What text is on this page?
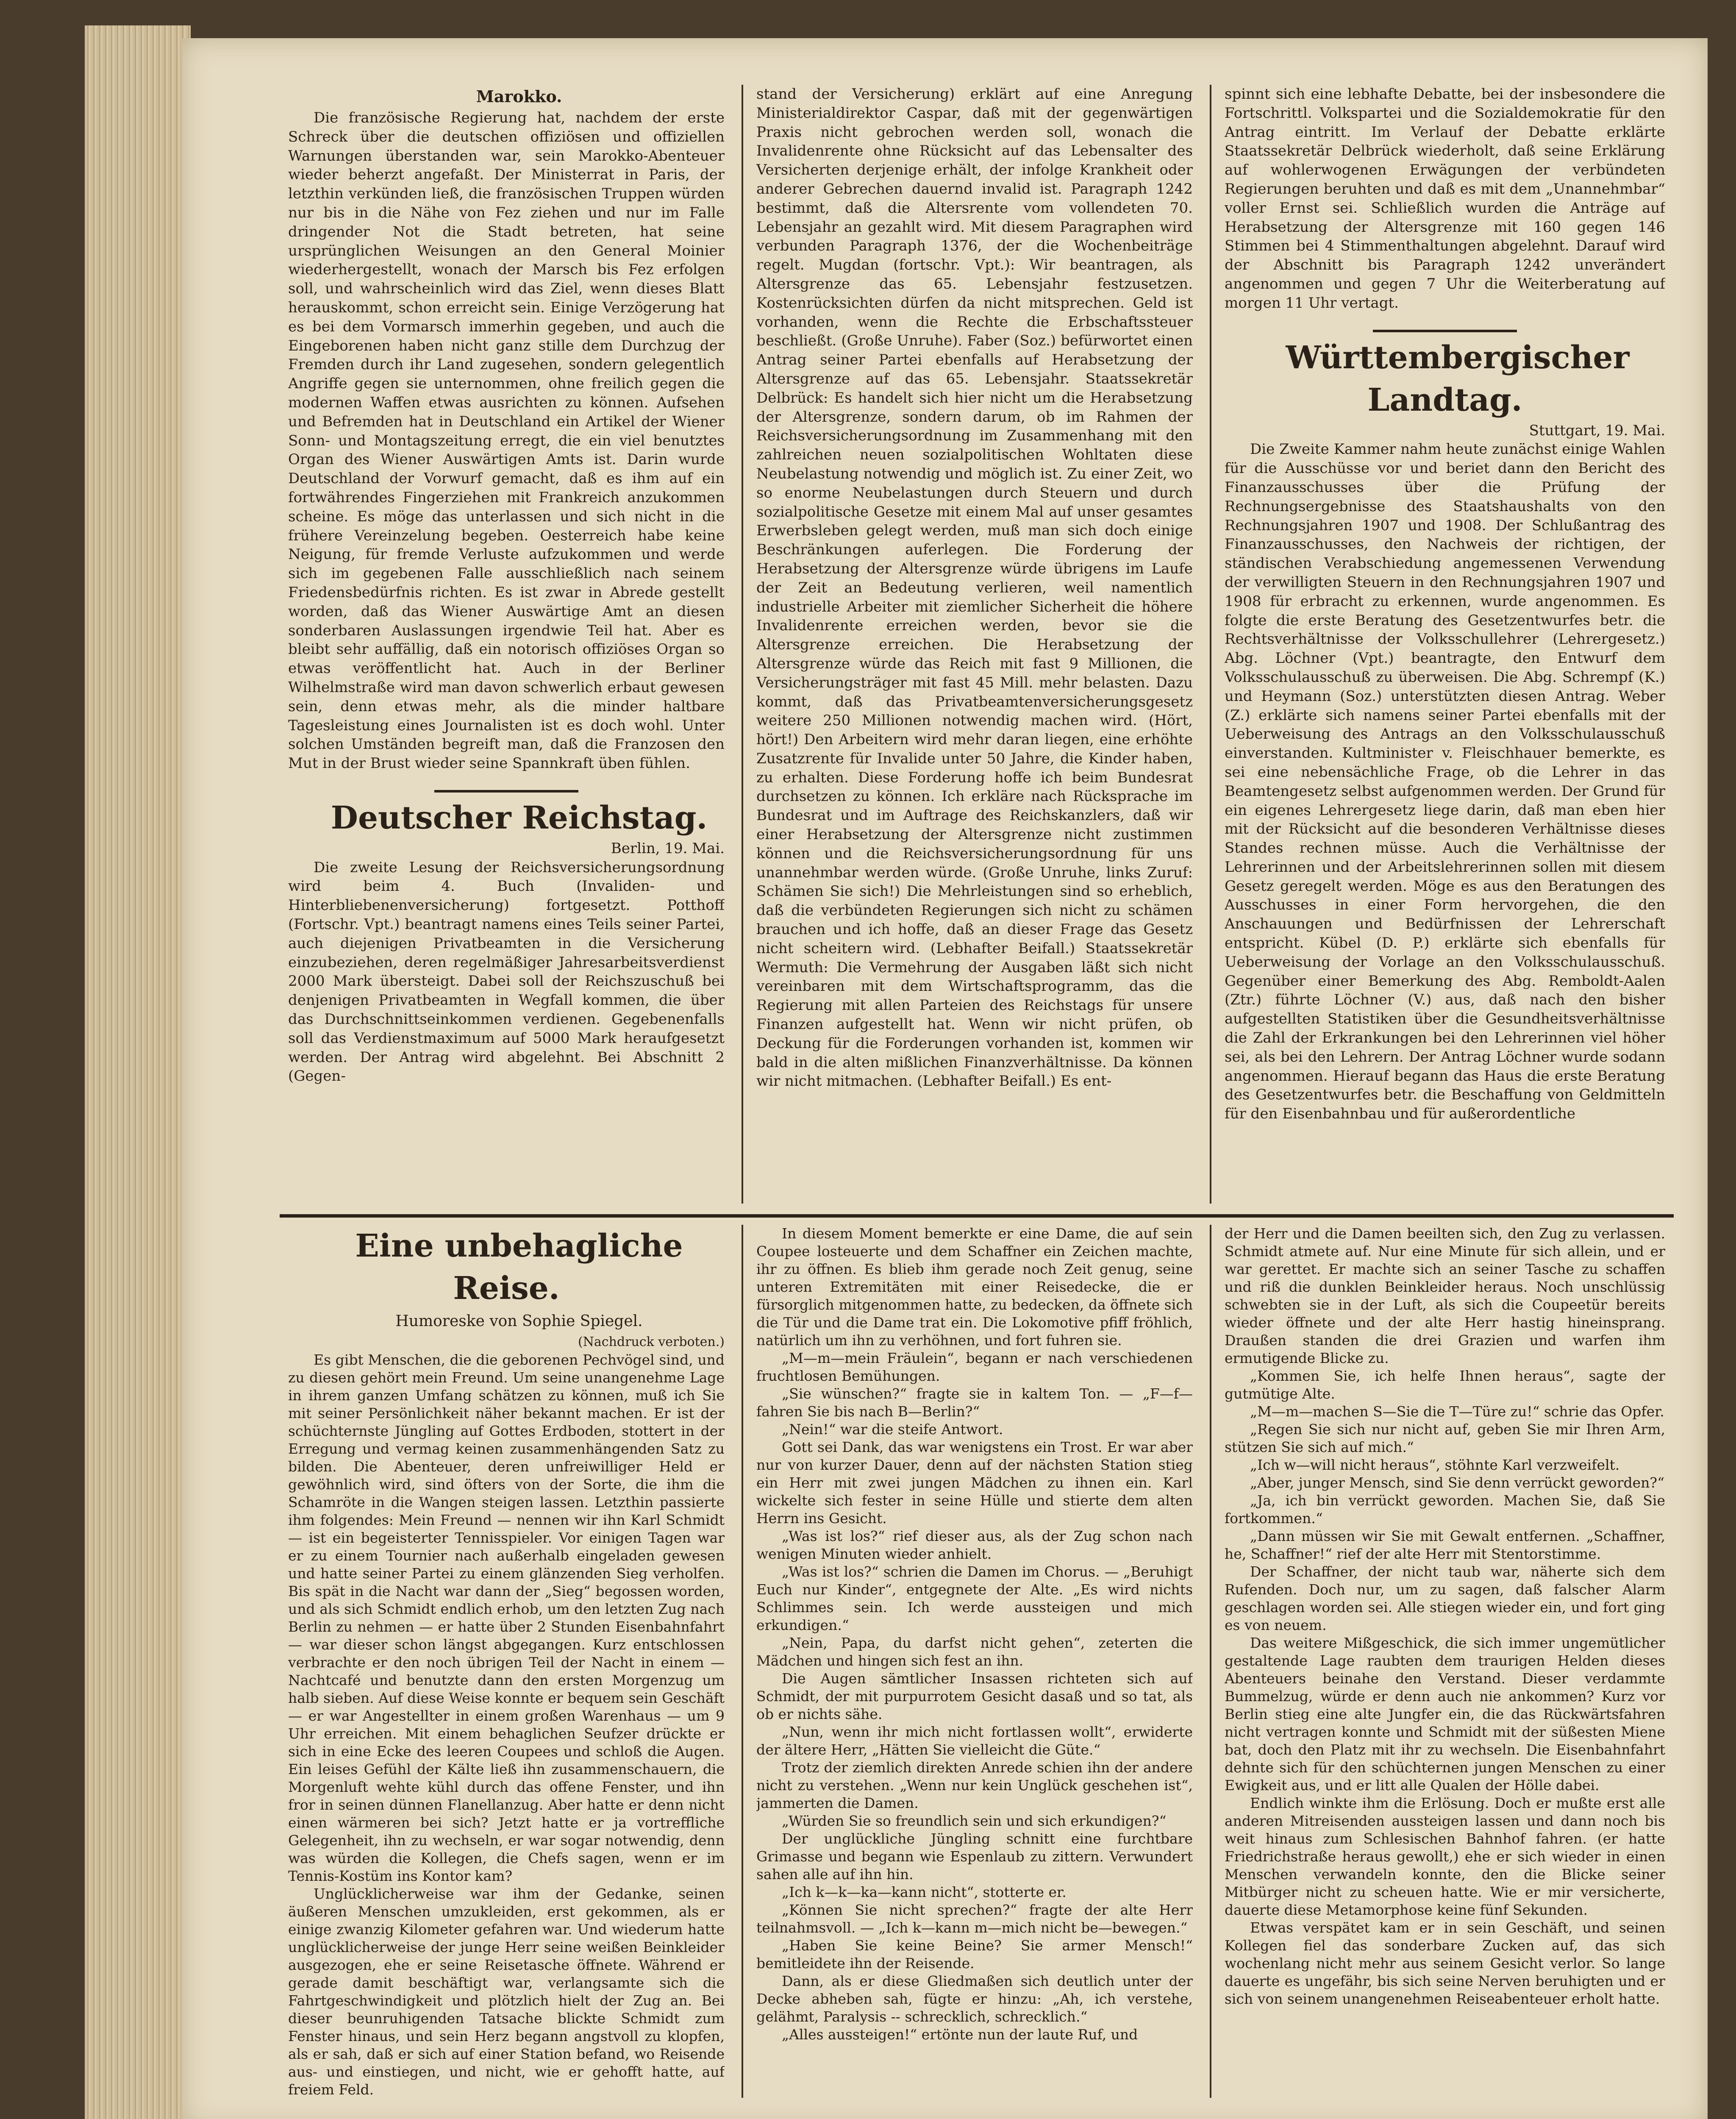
Marokko.

Die französische Regierung hat, nachdem der erste Schreck über die deutschen offiziösen und offiziellen Warnungen überstanden war, sein Marokko-Abenteuer wieder beherzt angefaßt. Der Ministerrat in Paris, der letzthin verkünden ließ, die französischen Truppen würden nur bis in die Nähe von Fez ziehen und nur im Falle dringender Not die Stadt betreten, hat seine ursprünglichen Weisungen an den General Moinier wiederhergestellt, wonach der Marsch bis Fez erfolgen soll, und wahrscheinlich wird das Ziel, wenn dieses Blatt herauskommt, schon erreicht sein. Einige Verzögerung hat es bei dem Vormarsch immerhin gegeben, und auch die Eingeborenen haben nicht ganz stille dem Durchzug der Fremden durch ihr Land zugesehen, sondern gelegentlich Angriffe gegen sie unternommen, ohne freilich gegen die modernen Waffen etwas ausrichten zu können. Aufsehen und Befremden hat in Deutschland ein Artikel der Wiener Sonn- und Montagszeitung erregt, die ein viel benutztes Organ des Wiener Auswärtigen Amts ist. Darin wurde Deutschland der Vorwurf gemacht, daß es ihm auf ein fortwährendes Fingerziehen mit Frankreich anzukommen scheine. Es möge das unterlassen und sich nicht in die frühere Vereinzelung begeben. Oesterreich habe keine Neigung, für fremde Verluste aufzukommen und werde sich im gegebenen Falle ausschließlich nach seinem Friedensbedürfnis richten. Es ist zwar in Abrede gestellt worden, daß das Wiener Auswärtige Amt an diesen sonderbaren Auslassungen irgendwie Teil hat. Aber es bleibt sehr auffällig, daß ein notorisch offiziöses Organ so etwas veröffentlicht hat. Auch in der Berliner Wilhelmstraße wird man davon schwerlich erbaut gewesen sein, denn etwas mehr, als die minder haltbare Tagesleistung eines Journalisten ist es doch wohl. Unter solchen Umständen begreift man, daß die Franzosen den Mut in der Brust wieder seine Spannkraft üben fühlen.

Deutscher Reichstag.

Berlin, 19. Mai.

Die zweite Lesung der Reichsversicherungsordnung wird beim 4. Buch (Invaliden- und Hinterbliebenenversicherung) fortgesetzt. Potthoff (Fortschr. Vpt.) beantragt namens eines Teils seiner Partei, auch diejenigen Privatbeamten in die Versicherung einzubeziehen, deren regelmäßiger Jahresarbeitsverdienst 2000 Mark übersteigt. Dabei soll der Reichszuschuß bei denjenigen Privatbeamten in Wegfall kommen, die über das Durchschnittseinkommen verdienen. Gegebenenfalls soll das Verdienstmaximum auf 5000 Mark heraufgesetzt werden. Der Antrag wird abgelehnt. Bei Abschnitt 2 (Gegen-

stand der Versicherung) erklärt auf eine Anregung Ministerialdirektor Caspar, daß mit der gegenwärtigen Praxis nicht gebrochen werden soll, wonach die Invalidenrente ohne Rücksicht auf das Lebensalter des Versicherten derjenige erhält, der infolge Krankheit oder anderer Gebrechen dauernd invalid ist. Paragraph 1242 bestimmt, daß die Altersrente vom vollendeten 70. Lebensjahr an gezahlt wird. Mit diesem Paragraphen wird verbunden Paragraph 1376, der die Wochenbeiträge regelt. Mugdan (fortschr. Vpt.): Wir beantragen, als Altersgrenze das 65. Lebensjahr festzusetzen. Kostenrücksichten dürfen da nicht mitsprechen. Geld ist vorhanden, wenn die Rechte die Erbschaftssteuer beschließt. (Große Unruhe). Faber (Soz.) befürwortet einen Antrag seiner Partei ebenfalls auf Herabsetzung der Altersgrenze auf das 65. Lebensjahr. Staatssekretär Delbrück: Es handelt sich hier nicht um die Herabsetzung der Altersgrenze, sondern darum, ob im Rahmen der Reichsversicherungsordnung im Zusammenhang mit den zahlreichen neuen sozialpolitischen Wohltaten diese Neubelastung notwendig und möglich ist. Zu einer Zeit, wo so enorme Neubelastungen durch Steuern und durch sozialpolitische Gesetze mit einem Mal auf unser gesamtes Erwerbsleben gelegt werden, muß man sich doch einige Beschränkungen auferlegen. Die Forderung der Herabsetzung der Altersgrenze würde übrigens im Laufe der Zeit an Bedeutung verlieren, weil namentlich industrielle Arbeiter mit ziemlicher Sicherheit die höhere Invalidenrente erreichen werden, bevor sie die Altersgrenze erreichen. Die Herabsetzung der Altersgrenze würde das Reich mit fast 9 Millionen, die Versicherungsträger mit fast 45 Mill. mehr belasten. Dazu kommt, daß das Privatbeamtenversicherungsgesetz weitere 250 Millionen notwendig machen wird. (Hört, hört!) Den Arbeitern wird mehr daran liegen, eine erhöhte Zusatzrente für Invalide unter 50 Jahre, die Kinder haben, zu erhalten. Diese Forderung hoffe ich beim Bundesrat durchsetzen zu können. Ich erkläre nach Rücksprache im Bundesrat und im Auftrage des Reichskanzlers, daß wir einer Herabsetzung der Altersgrenze nicht zustimmen können und die Reichsversicherungsordnung für uns unannehmbar werden würde. (Große Unruhe, links Zuruf: Schämen Sie sich!) Die Mehrleistungen sind so erheblich, daß die verbündeten Regierungen sich nicht zu schämen brauchen und ich hoffe, daß an dieser Frage das Gesetz nicht scheitern wird. (Lebhafter Beifall.) Staatssekretär Wermuth: Die Vermehrung der Ausgaben läßt sich nicht vereinbaren mit dem Wirtschaftsprogramm, das die Regierung mit allen Parteien des Reichstags für unsere Finanzen aufgestellt hat. Wenn wir nicht prüfen, ob Deckung für die Forderungen vorhanden ist, kommen wir bald in die alten mißlichen Finanzverhältnisse. Da können wir nicht mitmachen. (Lebhafter Beifall.) Es ent-

spinnt sich eine lebhafte Debatte, bei der insbesondere die Fortschrittl. Volkspartei und die Sozialdemokratie für den Antrag eintritt. Im Verlauf der Debatte erklärte Staatssekretär Delbrück wiederholt, daß seine Erklärung auf wohlerwogenen Erwägungen der verbündeten Regierungen beruhten und daß es mit dem „Unannehmbar“ voller Ernst sei. Schließlich wurden die Anträge auf Herabsetzung der Altersgrenze mit 160 gegen 146 Stimmen bei 4 Stimmenthaltungen abgelehnt. Darauf wird der Abschnitt bis Paragraph 1242 unverändert angenommen und gegen 7 Uhr die Weiterberatung auf morgen 11 Uhr vertagt.

Württembergischer Landtag.

Stuttgart, 19. Mai.

Die Zweite Kammer nahm heute zunächst einige Wahlen für die Ausschüsse vor und beriet dann den Bericht des Finanzausschusses über die Prüfung der Rechnungsergebnisse des Staatshaushalts von den Rechnungsjahren 1907 und 1908. Der Schlußantrag des Finanzausschusses, den Nachweis der richtigen, der ständischen Verabschiedung angemessenen Verwendung der verwilligten Steuern in den Rechnungsjahren 1907 und 1908 für erbracht zu erkennen, wurde angenommen. Es folgte die erste Beratung des Gesetzentwurfes betr. die Rechtsverhältnisse der Volksschullehrer (Lehrergesetz.) Abg. Löchner (Vpt.) beantragte, den Entwurf dem Volksschulausschuß zu überweisen. Die Abg. Schrempf (K.) und Heymann (Soz.) unterstützten diesen Antrag. Weber (Z.) erklärte sich namens seiner Partei ebenfalls mit der Ueberweisung des Antrags an den Volksschulausschuß einverstanden. Kultminister v. Fleischhauer bemerkte, es sei eine nebensächliche Frage, ob die Lehrer in das Beamtengesetz selbst aufgenommen werden. Der Grund für ein eigenes Lehrergesetz liege darin, daß man eben hier mit der Rücksicht auf die besonderen Verhältnisse dieses Standes rechnen müsse. Auch die Verhältnisse der Lehrerinnen und der Arbeitslehrerinnen sollen mit diesem Gesetz geregelt werden. Möge es aus den Beratungen des Ausschusses in einer Form hervorgehen, die den Anschauungen und Bedürfnissen der Lehrerschaft entspricht. Kübel (D. P.) erklärte sich ebenfalls für Ueberweisung der Vorlage an den Volksschulausschuß. Gegenüber einer Bemerkung des Abg. Remboldt-Aalen (Ztr.) führte Löchner (V.) aus, daß nach den bisher aufgestellten Statistiken über die Gesundheitsverhältnisse die Zahl der Erkrankungen bei den Lehrerinnen viel höher sei, als bei den Lehrern. Der Antrag Löchner wurde sodann angenommen. Hierauf begann das Haus die erste Beratung des Gesetzentwurfes betr. die Beschaffung von Geldmitteln für den Eisenbahnbau und für außerordentliche

Eine unbehagliche Reise.

Humoreske von Sophie Spiegel.

(Nachdruck verboten.)

Es gibt Menschen, die die geborenen Pechvögel sind, und zu diesen gehört mein Freund. Um seine unangenehme Lage in ihrem ganzen Umfang schätzen zu können, muß ich Sie mit seiner Persönlichkeit näher bekannt machen. Er ist der schüchternste Jüngling auf Gottes Erdboden, stottert in der Erregung und vermag keinen zusammenhängenden Satz zu bilden. Die Abenteuer, deren unfreiwilliger Held er gewöhnlich wird, sind öfters von der Sorte, die ihm die Schamröte in die Wangen steigen lassen. Letzthin passierte ihm folgendes: Mein Freund — nennen wir ihn Karl Schmidt — ist ein begeisterter Tennisspieler. Vor einigen Tagen war er zu einem Tournier nach außerhalb eingeladen gewesen und hatte seiner Partei zu einem glänzenden Sieg verholfen. Bis spät in die Nacht war dann der „Sieg“ begossen worden, und als sich Schmidt endlich erhob, um den letzten Zug nach Berlin zu nehmen — er hatte über 2 Stunden Eisenbahnfahrt — war dieser schon längst abgegangen. Kurz entschlossen verbrachte er den noch übrigen Teil der Nacht in einem — Nachtcafé und benutzte dann den ersten Morgenzug um halb sieben. Auf diese Weise konnte er bequem sein Geschäft — er war Angestellter in einem großen Warenhaus — um 9 Uhr erreichen. Mit einem behaglichen Seufzer drückte er sich in eine Ecke des leeren Coupees und schloß die Augen. Ein leises Gefühl der Kälte ließ ihn zusammenschauern, die Morgenluft wehte kühl durch das offene Fenster, und ihn fror in seinen dünnen Flanellanzug. Aber hatte er denn nicht einen wärmeren bei sich? Jetzt hatte er ja vortreffliche Gelegenheit, ihn zu wechseln, er war sogar notwendig, denn was würden die Kollegen, die Chefs sagen, wenn er im Tennis-Kostüm ins Kontor kam?

Unglücklicherweise war ihm der Gedanke, seinen äußeren Menschen umzukleiden, erst gekommen, als er einige zwanzig Kilometer gefahren war. Und wiederum hatte unglücklicherweise der junge Herr seine weißen Beinkleider ausgezogen, ehe er seine Reisetasche öffnete. Während er gerade damit beschäftigt war, verlangsamte sich die Fahrtgeschwindigkeit und plötzlich hielt der Zug an. Bei dieser beunruhigenden Tatsache blickte Schmidt zum Fenster hinaus, und sein Herz begann angstvoll zu klopfen, als er sah, daß er sich auf einer Station befand, wo Reisende aus- und einstiegen, und nicht, wie er gehofft hatte, auf freiem Feld.

In diesem Moment bemerkte er eine Dame, die auf sein Coupee losteuerte und dem Schaffner ein Zeichen machte, ihr zu öffnen. Es blieb ihm gerade noch Zeit genug, seine unteren Extremitäten mit einer Reisedecke, die er fürsorglich mitgenommen hatte, zu bedecken, da öffnete sich die Tür und die Dame trat ein. Die Lokomotive pfiff fröhlich, natürlich um ihn zu verhöhnen, und fort fuhren sie.

„M—m—mein Fräulein“, begann er nach verschiedenen fruchtlosen Bemühungen.

„Sie wünschen?“ fragte sie in kaltem Ton. — „F—f—fahren Sie bis nach B—Berlin?“

„Nein!“ war die steife Antwort.

Gott sei Dank, das war wenigstens ein Trost. Er war aber nur von kurzer Dauer, denn auf der nächsten Station stieg ein Herr mit zwei jungen Mädchen zu ihnen ein. Karl wickelte sich fester in seine Hülle und stierte dem alten Herrn ins Gesicht.

„Was ist los?“ rief dieser aus, als der Zug schon nach wenigen Minuten wieder anhielt.

„Was ist los?“ schrien die Damen im Chorus. — „Beruhigt Euch nur Kinder“, entgegnete der Alte. „Es wird nichts Schlimmes sein. Ich werde aussteigen und mich erkundigen.“

„Nein, Papa, du darfst nicht gehen“, zeterten die Mädchen und hingen sich fest an ihn.

Die Augen sämtlicher Insassen richteten sich auf Schmidt, der mit purpurrotem Gesicht dasaß und so tat, als ob er nichts sähe.

„Nun, wenn ihr mich nicht fortlassen wollt“, erwiderte der ältere Herr, „Hätten Sie vielleicht die Güte.“

Trotz der ziemlich direkten Anrede schien ihn der andere nicht zu verstehen. „Wenn nur kein Unglück geschehen ist“, jammerten die Damen.

„Würden Sie so freundlich sein und sich erkundigen?“

Der unglückliche Jüngling schnitt eine furchtbare Grimasse und begann wie Espenlaub zu zittern. Verwundert sahen alle auf ihn hin.

„Ich k—k—ka—kann nicht“, stotterte er.

„Können Sie nicht sprechen?“ fragte der alte Herr teilnahmsvoll. — „Ich k—kann m—mich nicht be—bewegen.“

„Haben Sie keine Beine? Sie armer Mensch!“ bemitleidete ihn der Reisende.

Dann, als er diese Gliedmaßen sich deutlich unter der Decke abheben sah, fügte er hinzu: „Ah, ich verstehe, gelähmt, Paralysis -- schrecklich, schrecklich.“

„Alles aussteigen!“ ertönte nun der laute Ruf, und

der Herr und die Damen beeilten sich, den Zug zu verlassen. Schmidt atmete auf. Nur eine Minute für sich allein, und er war gerettet. Er machte sich an seiner Tasche zu schaffen und riß die dunklen Beinkleider heraus. Noch unschlüssig schwebten sie in der Luft, als sich die Coupeetür bereits wieder öffnete und der alte Herr hastig hineinsprang. Draußen standen die drei Grazien und warfen ihm ermutigende Blicke zu.

„Kommen Sie, ich helfe Ihnen heraus“, sagte der gutmütige Alte.

„M—m—machen S—Sie die T—Türe zu!“ schrie das Opfer.

„Regen Sie sich nur nicht auf, geben Sie mir Ihren Arm, stützen Sie sich auf mich.“

„Ich w—will nicht heraus“, stöhnte Karl verzweifelt.

„Aber, junger Mensch, sind Sie denn verrückt geworden?“

„Ja, ich bin verrückt geworden. Machen Sie, daß Sie fortkommen.“

„Dann müssen wir Sie mit Gewalt entfernen. „Schaffner, he, Schaffner!“ rief der alte Herr mit Stentorstimme.

Der Schaffner, der nicht taub war, näherte sich dem Rufenden. Doch nur, um zu sagen, daß falscher Alarm geschlagen worden sei. Alle stiegen wieder ein, und fort ging es von neuem.

Das weitere Mißgeschick, die sich immer ungemütlicher gestaltende Lage raubten dem traurigen Helden dieses Abenteuers beinahe den Verstand. Dieser verdammte Bummelzug, würde er denn auch nie ankommen? Kurz vor Berlin stieg eine alte Jungfer ein, die das Rückwärtsfahren nicht vertragen konnte und Schmidt mit der süßesten Miene bat, doch den Platz mit ihr zu wechseln. Die Eisenbahnfahrt dehnte sich für den schüchternen jungen Menschen zu einer Ewigkeit aus, und er litt alle Qualen der Hölle dabei.

Endlich winkte ihm die Erlösung. Doch er mußte erst alle anderen Mitreisenden aussteigen lassen und dann noch bis weit hinaus zum Schlesischen Bahnhof fahren. (er hatte Friedrichstraße heraus gewollt,) ehe er sich wieder in einen Menschen verwandeln konnte, den die Blicke seiner Mitbürger nicht zu scheuen hatte. Wie er mir versicherte, dauerte diese Metamorphose keine fünf Sekunden.

Etwas verspätet kam er in sein Geschäft, und seinen Kollegen fiel das sonderbare Zucken auf, das sich wochenlang nicht mehr aus seinem Gesicht verlor. So lange dauerte es ungefähr, bis sich seine Nerven beruhigten und er sich von seinem unangenehmen Reiseabenteuer erholt hatte.
